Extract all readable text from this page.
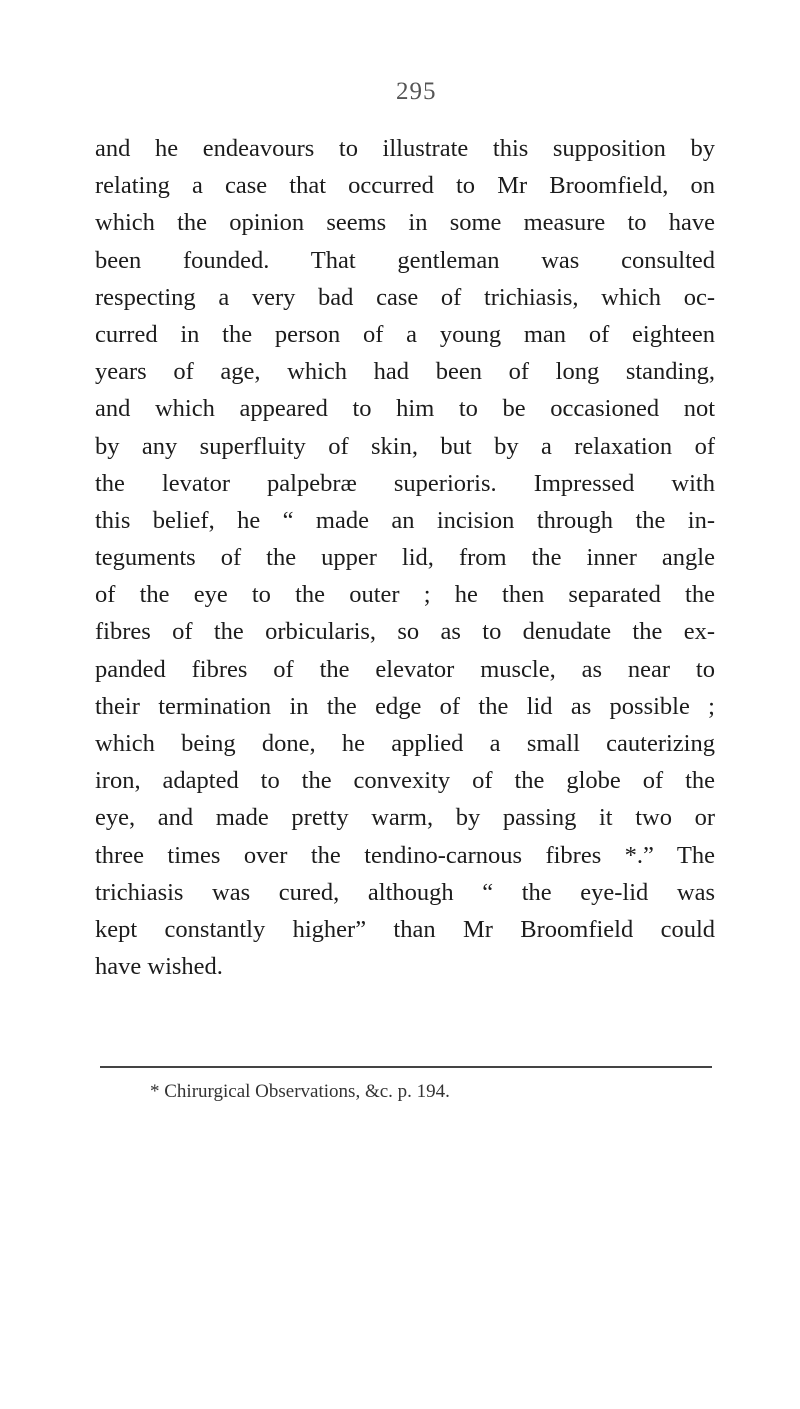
295
and he endeavours to illustrate this supposition by
relating a case that occurred to Mr Broomfield, on
which the opinion seems in some measure to have
been founded. That gentleman was consulted
respecting a very bad case of trichiasis, which oc-
curred in the person of a young man of eighteen
years of age, which had been of long standing,
and which appeared to him to be occasioned not
by any superfluity of skin, but by a relaxation of
the levator palpebræ superioris. Impressed with
this belief, he “ made an incision through the in-
teguments of the upper lid, from the inner angle
of the eye to the outer ; he then separated the
fibres of the orbicularis, so as to denudate the ex-
panded fibres of the elevator muscle, as near to
their termination in the edge of the lid as possible ;
which being done, he applied a small cauterizing
iron, adapted to the convexity of the globe of the
eye, and made pretty warm, by passing it two or
three times over the tendino-carnous fibres *.” The
trichiasis was cured, although “ the eye-lid was
kept constantly higher” than Mr Broomfield could
have wished.
* Chirurgical Observations, &c. p. 194.
